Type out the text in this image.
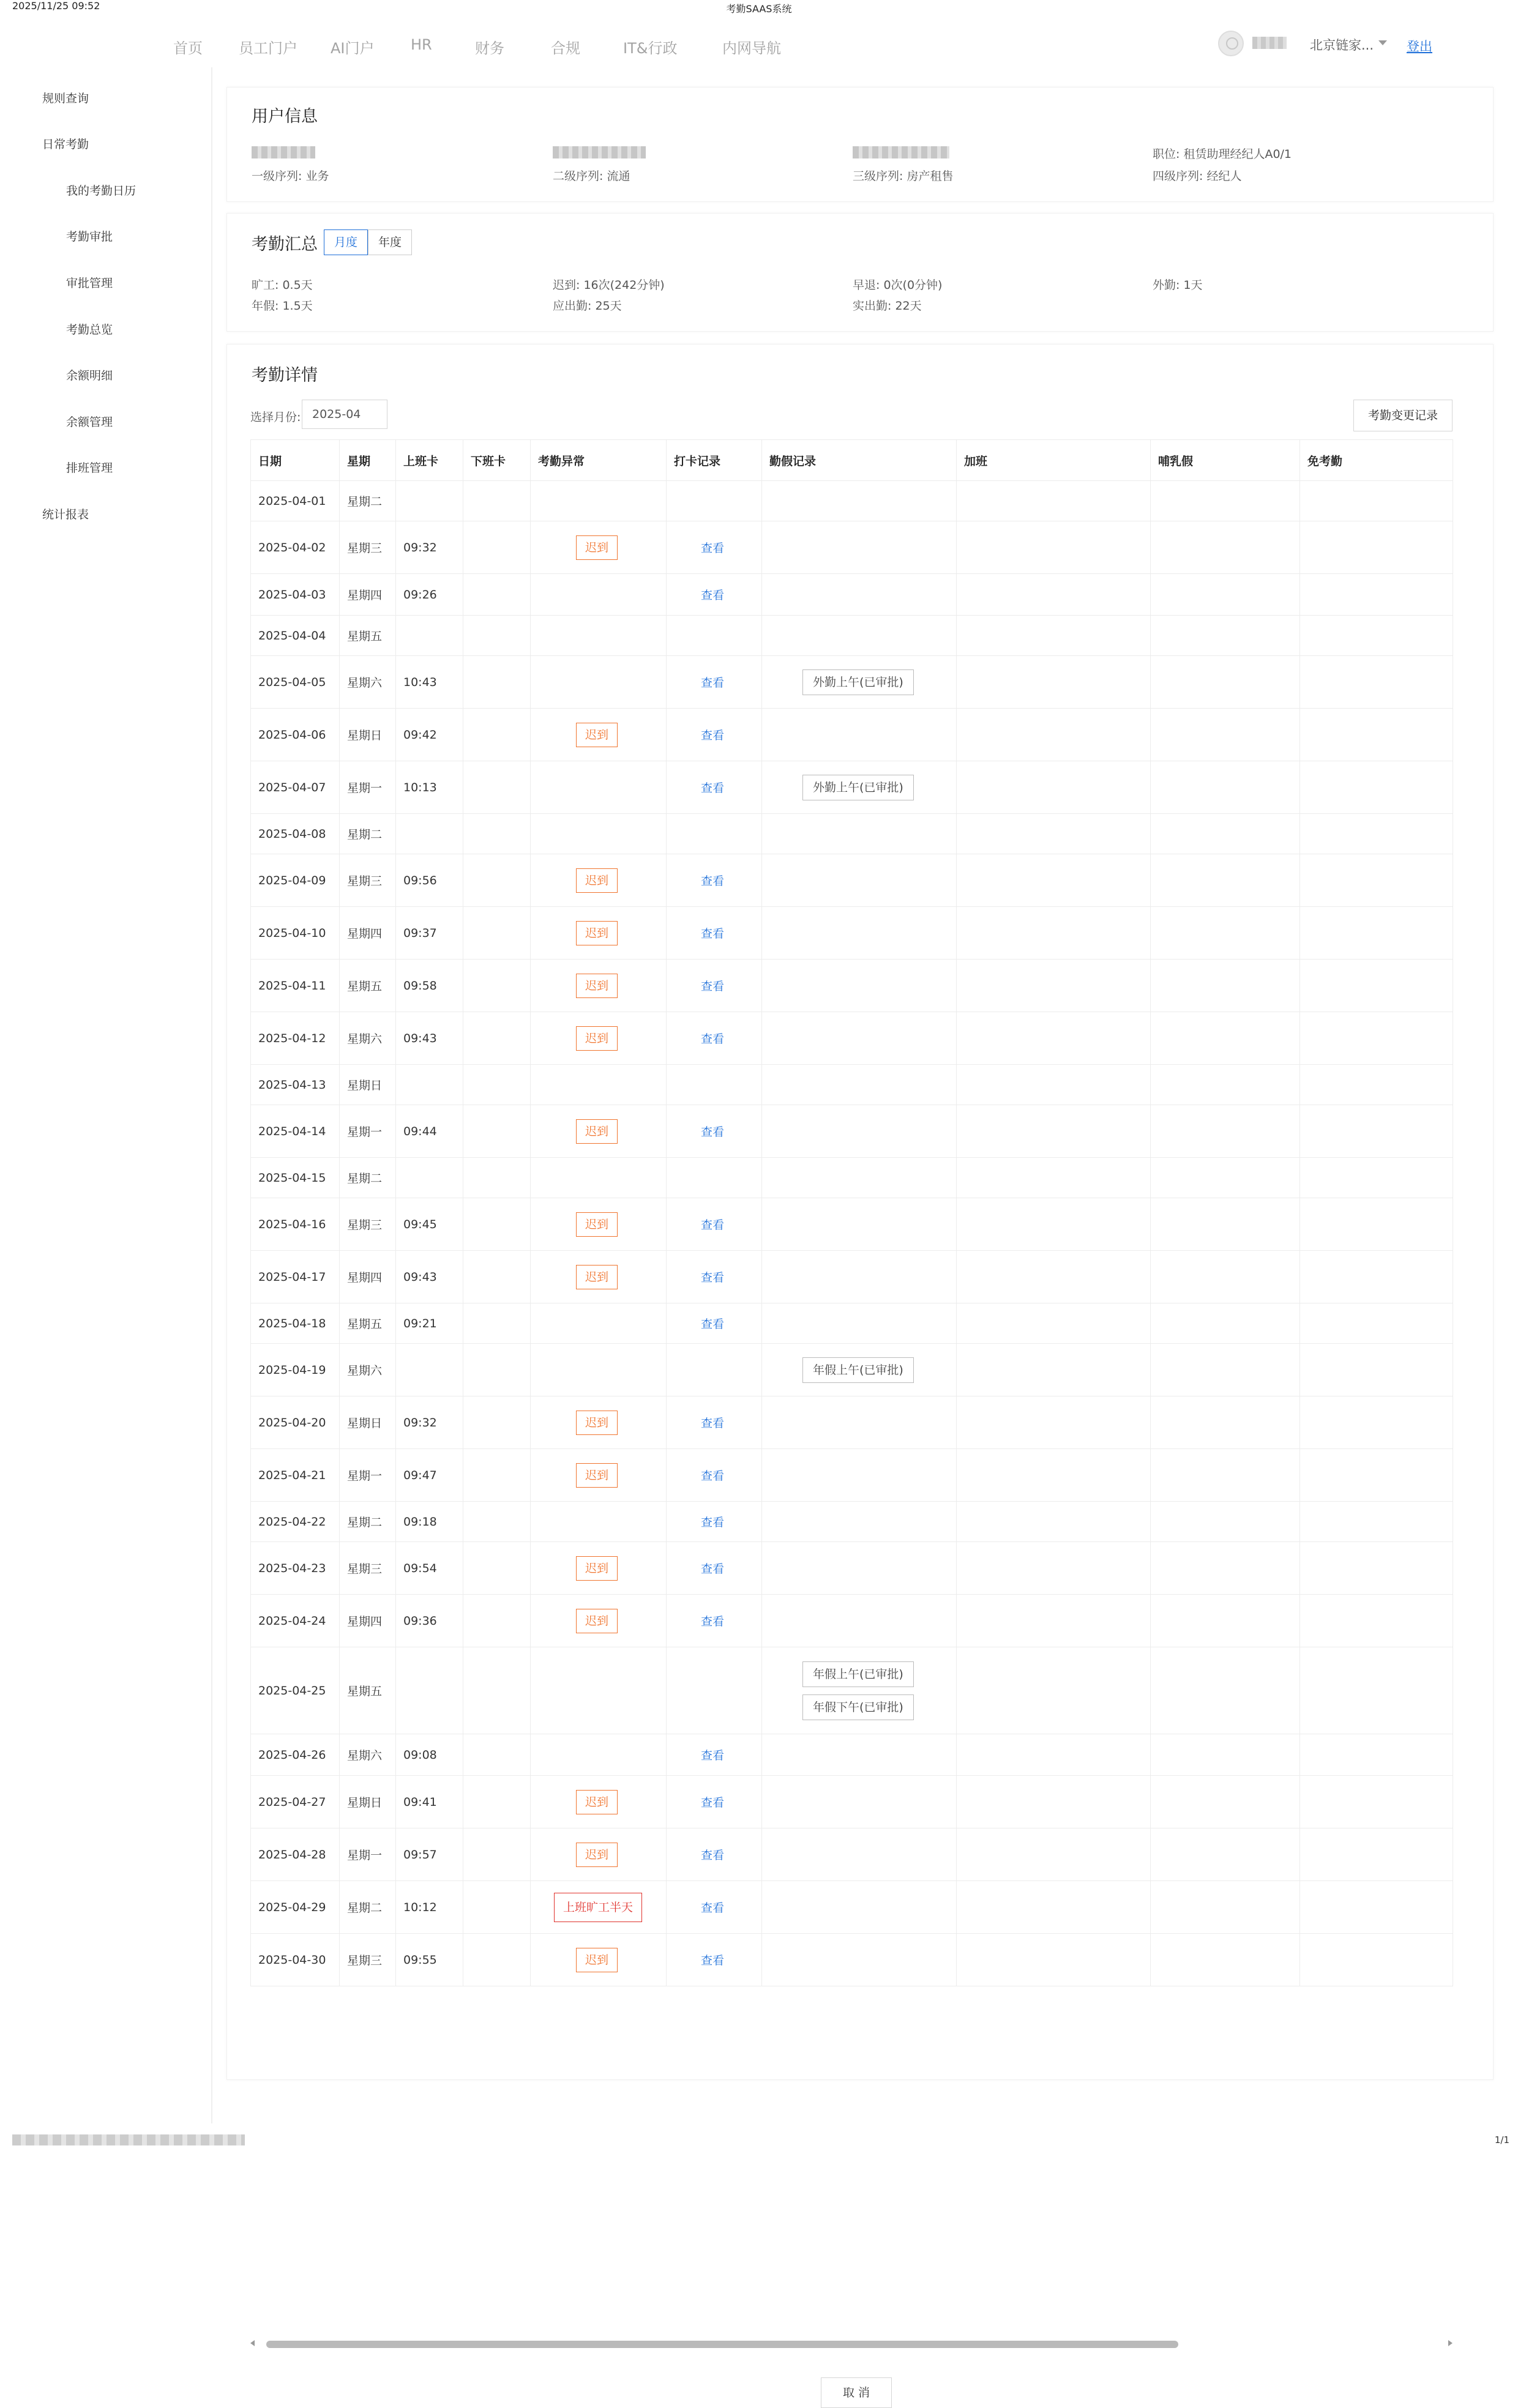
2025/11/25 09:52	考勤SAAS系统
首页 员工门户 AI门户 HR	财务	合规	IT&行政	内网导航	北京链家...	登出
规则查询
日常考勤
我的考勤日历
考勤审批
审批管理
考勤总览
余额明细
余额管理
排班管理
统计报表
用户信息
职位: 租赁助理经纪人A0/1
一级序列: 业务	二级序列: 流通	三级序列: 房产租售	四级序列: 经纪人
考勤汇总	月度	年度
旷工: 0.5天	迟到: 16次(242分钟)	早退: 0次(0分钟)	外勤: 1天
年假: 1.5天	应出勤: 25天	实出勤: 22天
考勤详情
选择月份: 2025-04	考勤变更记录
日期	星期	上班卡	下班卡	考勤异常	打卡记录	勤假记录	加班	哺乳假	免考勤
2025-04-01	星期二								
2025-04-02	星期三	09:32		迟到	查看				
2025-04-03	星期四	09:26			查看				
2025-04-04	星期五								
2025-04-05	星期六	10:43			查看	外勤上午(已审批)			

2025-04-06	星期日	09:42		迟到	查看				
2025-04-07	星期一	10:13			查看	外勤上午(已审批)			

2025-04-08	星期二								
2025-04-09	星期三	09:56		迟到	查看				
2025-04-10	星期四	09:37		迟到	查看				
2025-04-11	星期五	09:58		迟到	查看				
2025-04-12	星期六	09:43		迟到	查看				
2025-04-13	星期日								
2025-04-14	星期一	09:44		迟到	查看				
2025-04-15	星期二								
2025-04-16	星期三	09:45		迟到	查看				
2025-04-17	星期四	09:43		迟到	查看				
2025-04-18	星期五	09:21			查看				
2025-04-19	星期六					年假上午(已审批)			

2025-04-20	星期日	09:32		迟到	查看				
2025-04-21	星期一	09:47		迟到	查看				
2025-04-22	星期二	09:18			查看				
2025-04-23	星期三	09:54		迟到	查看				
2025-04-24	星期四	09:36		迟到	查看				
2025-04-25	星期五					年假上午(已审批)
年假下午(已审批)			

2025-04-26	星期六	09:08			查看				
2025-04-27	星期日	09:41		迟到	查看				
2025-04-28	星期一	09:57		迟到	查看				
2025-04-29	星期二	10:12		上班旷工半天	查看				
2025-04-30	星期三	09:55		迟到	查看				
取 消
1/1
